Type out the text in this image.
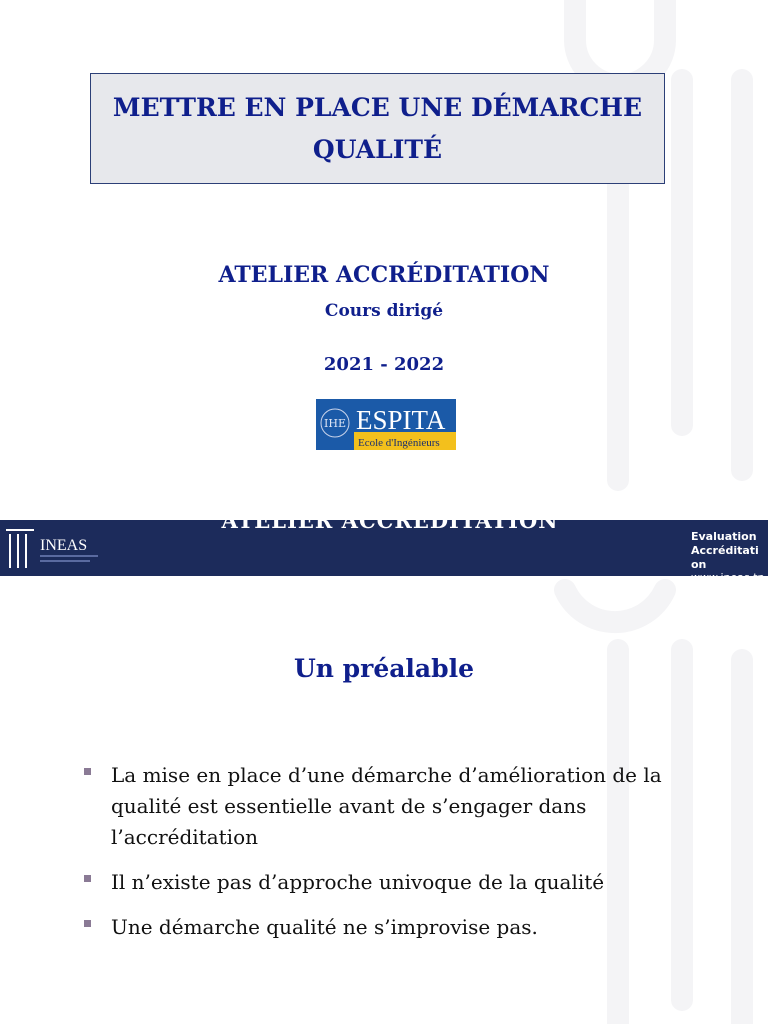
METTRE EN PLACE UNE DÉMARCHE
QUALITÉ
ATELIER ACCRÉDITATION
Cours dirigé
2021 - 2022
IHE ESPITA
Ecole d'Ingénieurs
INEAS
ATELIER ACCREDITATION
Evaluation
Accréditati
on
www.ineas.tn
Un préalable
La mise en place d’une démarche d’amélioration de la qualité est essentielle avant de s’engager dans l’accréditation
Il n’existe pas d’approche univoque de la qualité
Une démarche qualité ne s’improvise pas.
